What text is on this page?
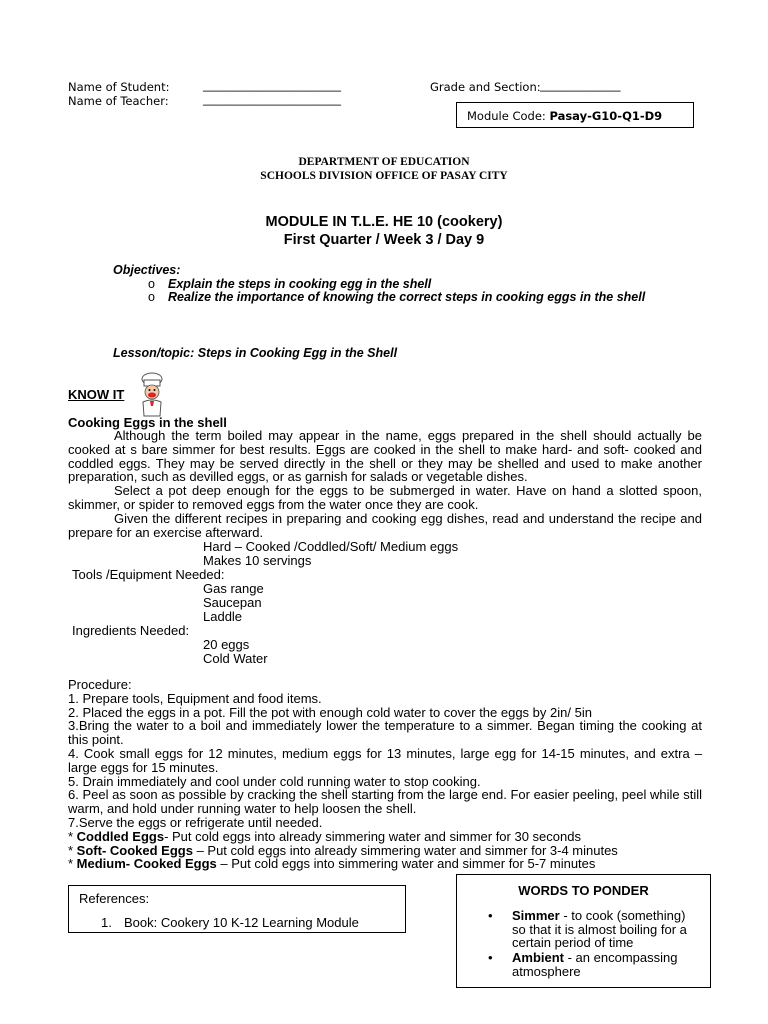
Name of Student:	________________________
Name of Teacher:	________________________
Grade and Section: ______________
Module Code: Pasay-G10-Q1-D9
DEPARTMENT OF EDUCATION
SCHOOLS DIVISION OFFICE OF PASAY CITY
MODULE IN T.L.E. HE 10 (cookery)
First Quarter / Week 3 / Day 9
Objectives:
o Explain the steps in cooking egg in the shell
o Realize the importance of knowing the correct steps in cooking eggs in the shell
Lesson/topic: Steps in Cooking Egg in the Shell
KNOW IT
Cooking Eggs in the shell

Although the term boiled may appear in the name, eggs prepared in the shell should actually be cooked at s bare simmer for best results. Eggs are cooked in the shell to make hard- and soft- cooked and coddled eggs. They may be served directly in the shell or they may be shelled and used to make another preparation, such as devilled eggs, or as garnish for salads or vegetable dishes.

Select a pot deep enough for the eggs to be submerged in water. Have on hand a slotted spoon, skimmer, or spider to removed eggs from the water once they are cook.

Given the different recipes in preparing and cooking egg dishes, read and understand the recipe and prepare for an exercise afterward.

Hard – Cooked /Coddled/Soft/ Medium eggs
Makes 10 servings
Tools /Equipment Needed:
Gas range
Saucepan
Laddle
Ingredients Needed:
20 eggs
Cold Water

Procedure:

1. Prepare tools, Equipment and food items.

2. Placed the eggs in a pot. Fill the pot with enough cold water to cover the eggs by 2in/ 5in

3.Bring the water to a boil and immediately lower the temperature to a simmer. Began timing the cooking at this point.

4. Cook small eggs for 12 minutes, medium eggs for 13 minutes, large egg for 14-15 minutes, and extra – large eggs for 15 minutes.

5. Drain immediately and cool under cold running water to stop cooking.

6. Peel as soon as possible by cracking the shell starting from the large end. For easier peeling, peel while still warm, and hold under running water to help loosen the shell.

7.Serve the eggs or refrigerate until needed.

* Coddled Eggs- Put cold eggs into already simmering water and simmer for 30 seconds

* Soft- Cooked Eggs – Put cold eggs into already simmering water and simmer for 3-4 minutes

* Medium- Cooked Eggs – Put cold eggs into simmering water and simmer for 5-7 minutes

References:
1. Book: Cookery 10 K-12 Learning Module
WORDS TO PONDER
• Simmer - to cook (something) so that it is almost boiling for a certain period of time
• Ambient - an encompassing atmosphere
